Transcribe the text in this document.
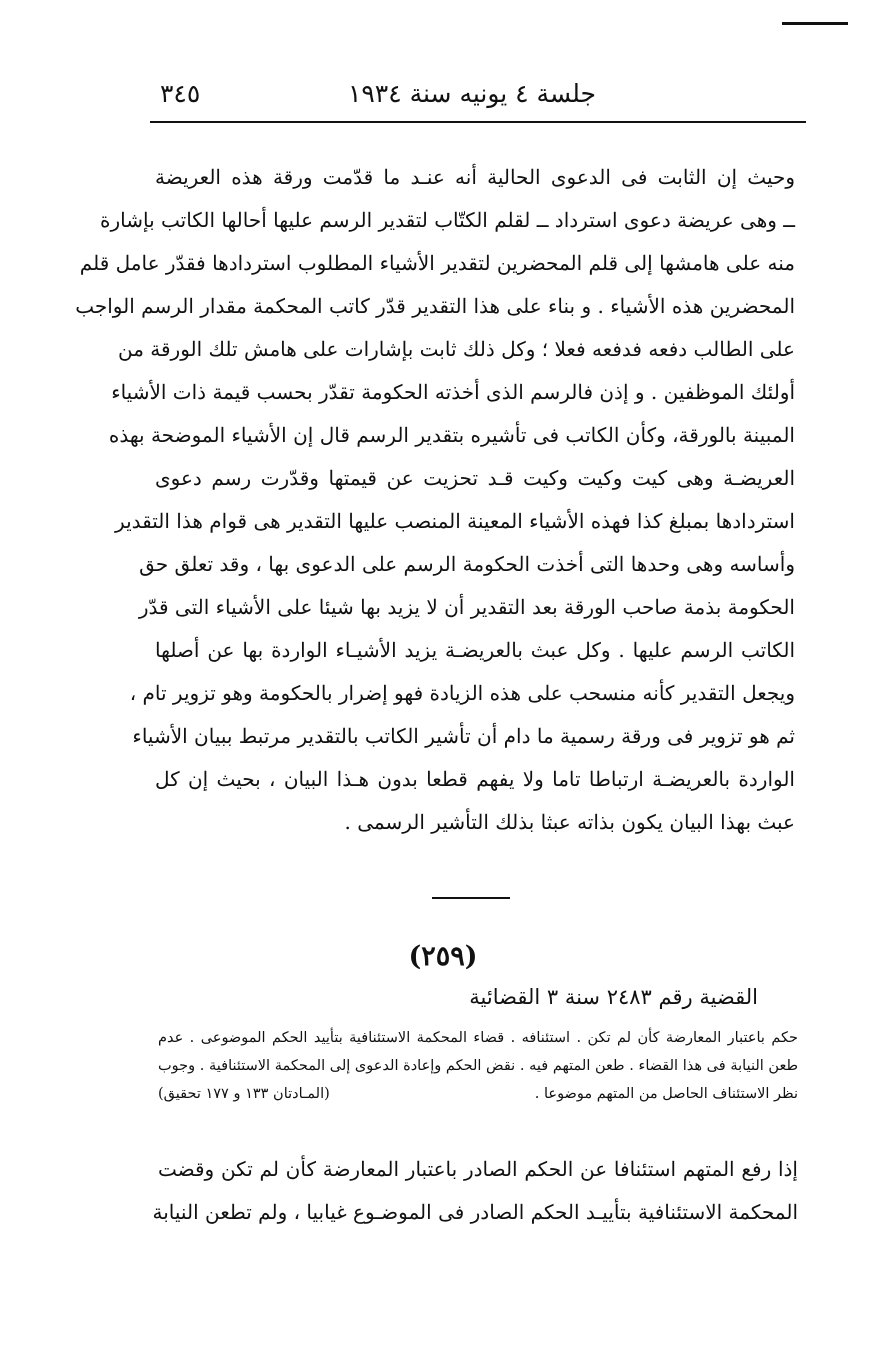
جلسة ٤ يونيه سنة ١٩٣٤
٣٤٥
وحيث إن الثابت فى الدعوى الحالية أنه عنـد ما قدّمت ورقة هذه العريضة
ــ وهى عريضة دعوى استرداد ــ لقلم الكتّاب لتقدير الرسم عليها أحالها الكاتب بإشارة
منه على هامشها إلى قلم المحضرين لتقدير الأشياء المطلوب استردادها فقدّر عامل قلم
المحضرين هذه الأشياء . و بناء على هذا التقدير قدّر كاتب المحكمة مقدار الرسم الواجب
على الطالب دفعه فدفعه فعلا ؛ وكل ذلك ثابت بإشارات على هامش تلك الورقة من
أولئك الموظفين . و إذن فالرسم الذى أخذته الحكومة تقدّر بحسب قيمة ذات الأشياء
المبينة بالورقة، وكأن الكاتب فى تأشيره بتقدير الرسم قال إن الأشياء الموضحة بهذه
العريضـة وهى كيت وكيت وكيت قـد تحزيت عن قيمتها وقدّرت رسم دعوى
استردادها بمبلغ كذا فهذه الأشياء المعينة المنصب عليها التقدير هى قوام هذا التقدير
وأساسه وهى وحدها التى أخذت الحكومة الرسم على الدعوى بها ، وقد تعلق حق
الحكومة بذمة صاحب الورقة بعد التقدير أن لا يزيد بها شيئا على الأشياء التى قدّر
الكاتب الرسم عليها . وكل عبث بالعريضـة يزيد الأشيـاء الواردة بها عن أصلها
ويجعل التقدير كأنه منسحب على هذه الزيادة فهو إضرار بالحكومة وهو تزوير تام ،
ثم هو تزوير فى ورقة رسمية ما دام أن تأشير الكاتب بالتقدير مرتبط ببيان الأشياء
الواردة بالعريضـة ارتباطا تاما ولا يفهم قطعا بدون هـذا البيان ، بحيث إن كل
عبث بهذا البيان يكون بذاته عبثا بذلك التأشير الرسمى .
(٢٥٩)
القضية رقم ٢٤٨٣ سنة ٣ القضائية
حكم باعتبار المعارضة كأن لم تكن . استئنافه . قضاء المحكمة الاستئنافية بتأييد الحكم الموضوعى . عدم
طعن النيابة فى هذا القضاء . طعن المتهم فيه . نقض الحكم وإعادة الدعوى إلى المحكمة الاستئنافية . وجوب
نظر الاستئناف الحاصل من المتهم موضوعا .
(المـادتان ١٣٣ و ١٧٧ تحقيق)
إذا رفع المتهم استئنافا عن الحكم الصادر باعتبار المعارضة كأن لم تكن وقضت
المحكمة الاستئنافية بتأييـد الحكم الصادر فى الموضـوع غيابيا ، ولم تطعن النيابة
